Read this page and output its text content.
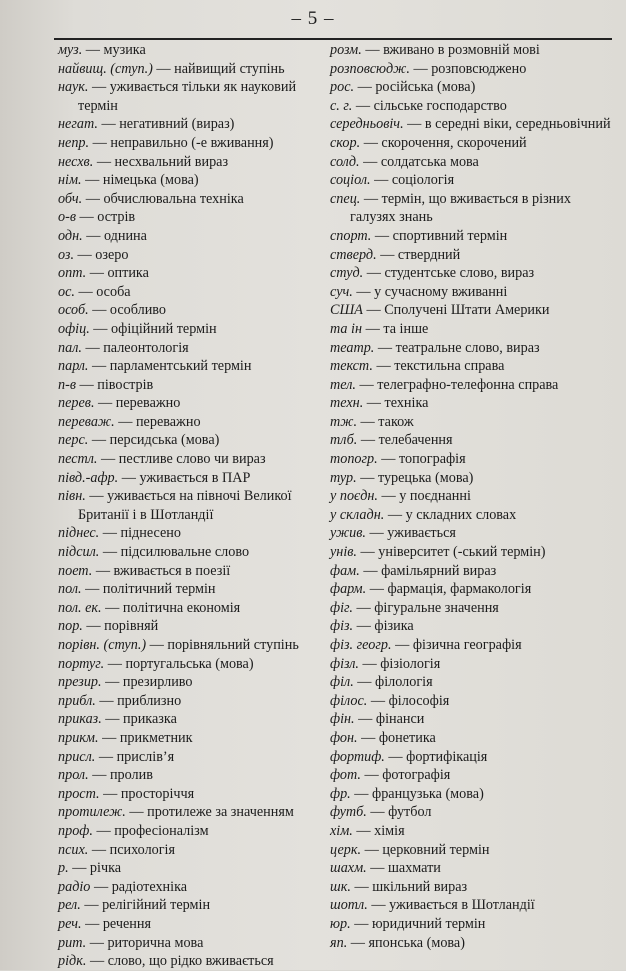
– 5 –
муз. — музика
найвищ. (ступ.) — найвищий ступінь
наук. — уживається тільки як науковий термін
негат. — негативний (вираз)
непр. — неправильно (-е вживання)
несхв. — несхвальний вираз
нім. — німецька (мова)
обч. — обчислювальна техніка
о-в — острів
одн. — однина
оз. — озеро
опт. — оптика
ос. — особа
особ. — особливо
офіц. — офіційний термін
пал. — палеонтологія
парл. — парламентський термін
п-в — півострів
перев. — переважно
переваж. — переважно
перс. — персидська (мова)
пестл. — пестливе слово чи вираз
півд.-афр. — уживається в ПАР
півн. — уживається на півночі Великої Британії і в Шотландії
піднес. — піднесено
підсил. — підсилювальне слово
поет. — вживається в поезії
пол. — політичний термін
пол. ек. — політична економія
пор. — порівняй
порівн. (ступ.) — порівняльний ступінь
португ. — португальська (мова)
презир. — презирливо
прибл. — приблизно
приказ. — приказка
прикм. — прикметник
присл. — прислів’я
прол. — пролив
прост. — просторіччя
протилеж. — протилеже за значенням
проф. — професіоналізм
псих. — психологія
р. — річка
радіо — радіотехніка
рел. — релігійний термін
реч. — речення
рит. — риторична мова
рідк. — слово, що рідко вживається
розм. — вживано в розмовній мові
розповсюдж. — розповсюджено
рос. — російська (мова)
с. г. — сільське господарство
середньовіч. — в середні віки, середньовічний
скор. — скорочення, скорочений
солд. — солдатська мова
соціол. — соціологія
спец. — термін, що вживається в різних галузях знань
спорт. — спортивний термін
стверд. — ствердний
студ. — студентське слово, вираз
суч. — у сучасному вживанні
США — Сполучені Штати Америки
та ін — та інше
театр. — театральне слово, вираз
текст. — текстильна справа
тел. — телеграфно-телефонна справа
техн. — техніка
тж. — також
тлб. — телебачення
топогр. — топографія
тур. — турецька (мова)
у поєдн. — у поєднанні
у складн. — у складних словах
ужив. — уживається
унів. — університет (-ський термін)
фам. — фамільярний вираз
фарм. — фармація, фармакологія
фіг. — фігуральне значення
фіз. — фізика
фіз. геогр. — фізична географія
фізл. — фізіологія
філ. — філологія
філос. — філософія
фін. — фінанси
фон. — фонетика
фортиф. — фортифікація
фот. — фотографія
фр. — французька (мова)
футб. — футбол
хім. — хімія
церк. — церковний термін
шахм. — шахмати
шк. — шкільний вираз
шотл. — уживається в Шотландії
юр. — юридичний термін
яп. — японська (мова)
